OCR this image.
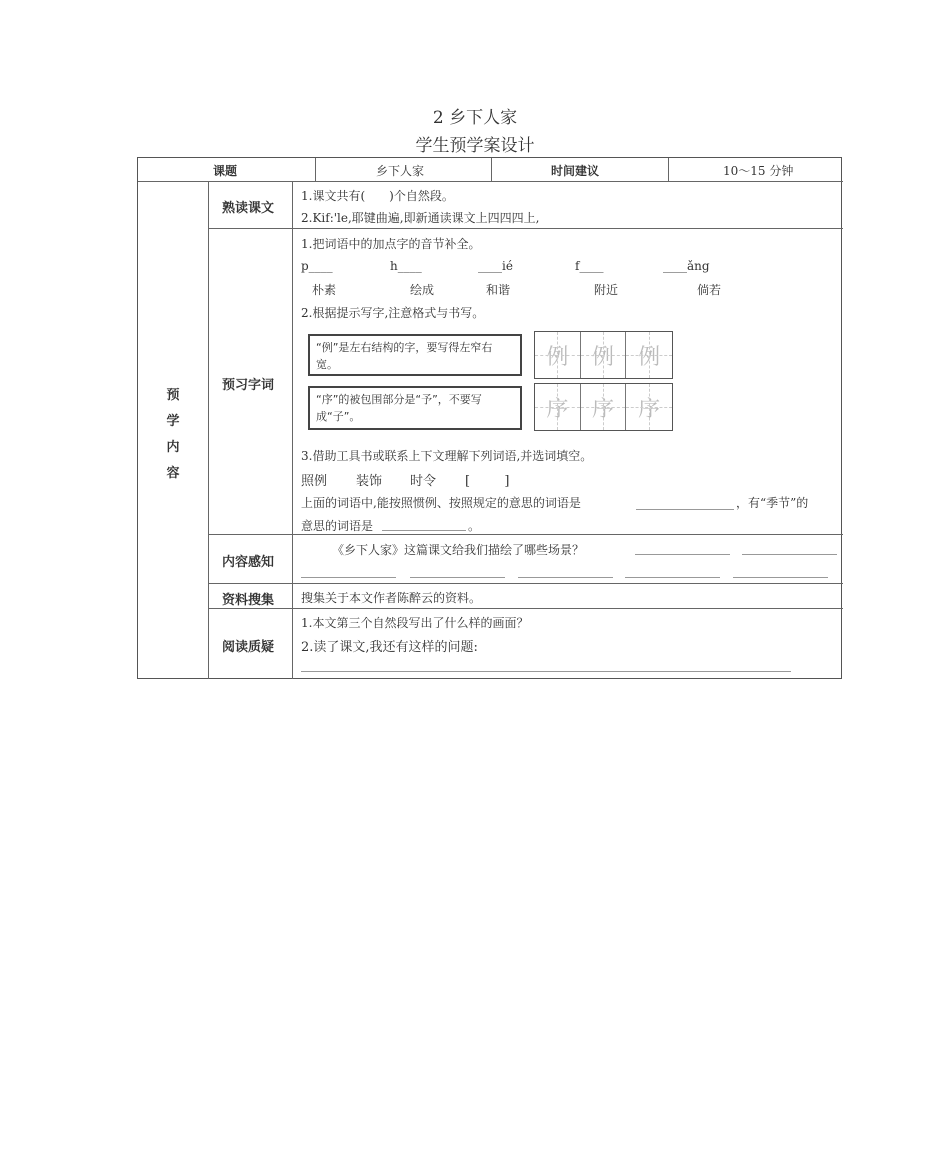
2 乡下人家
学生预学案设计
课题	乡下人家	时间建议	10～15 分钟
预
学
内
容
熟读课文
1.课文共有(　　)个自然段。
2.Kif:'le,耶键曲遍,即新通读课文上四四四上,
预习字词
1.把词语中的加点字的音节补全。
p____	h____	____ié	f____	____ǎng
朴素	绘成	和谐	附近	倘若
2.根据提示写字,注意格式与书写。
“例”是左右结构的字，要写得左窄右宽。	例	例	例
“序”的被包围部分是“予”，不要写成“子”。	序	序	序
3.借助工具书或联系上下文理解下列词语,并选词填空。
照例 装饰 时令 [ 　　 ]
上面的词语中,能按照惯例、按照规定的意思的词语是	，有“季节”的
意思的词语是	。
内容感知
《乡下人家》这篇课文给我们描绘了哪些场景？
资料搜集 搜集关于本文作者陈醉云的资料。
阅读质疑
1.本文第三个自然段写出了什么样的画面？
2.读了课文,我还有这样的问题:
